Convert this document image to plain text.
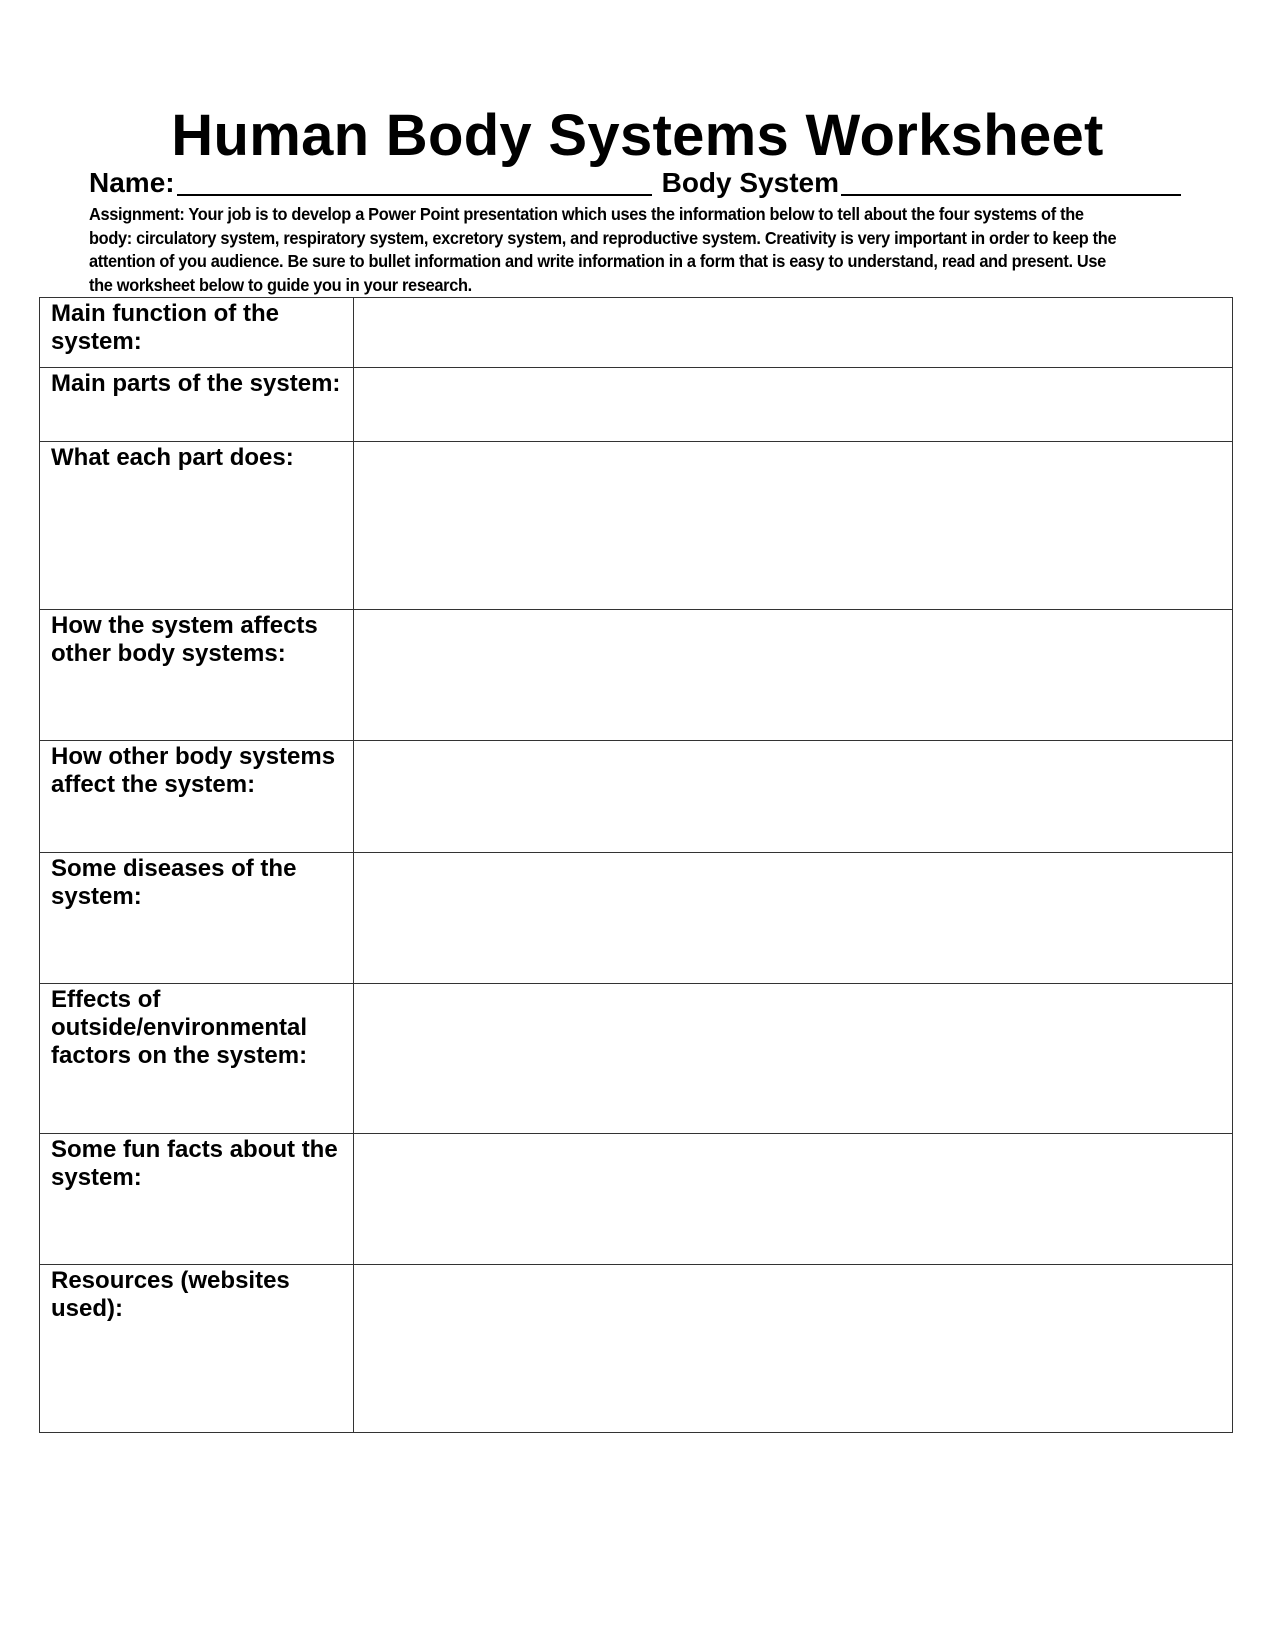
Human Body Systems Worksheet
Name:	Body System
Assignment: Your job is to develop a Power Point presentation which uses the information below to tell about the four systems of the body: circulatory system, respiratory system, excretory system, and reproductive system. Creativity is very important in order to keep the attention of you audience. Be sure to bullet information and write information in a form that is easy to understand, read and present. Use the worksheet below to guide you in your research.
Main function of the system:	
Main parts of the system:	
What each part does:	
How the system affects other body systems:	
How other body systems affect the system:	
Some diseases of the system:	
Effects of outside/environmental factors on the system:	
Some fun facts about the system:	
Resources (websites used):	
